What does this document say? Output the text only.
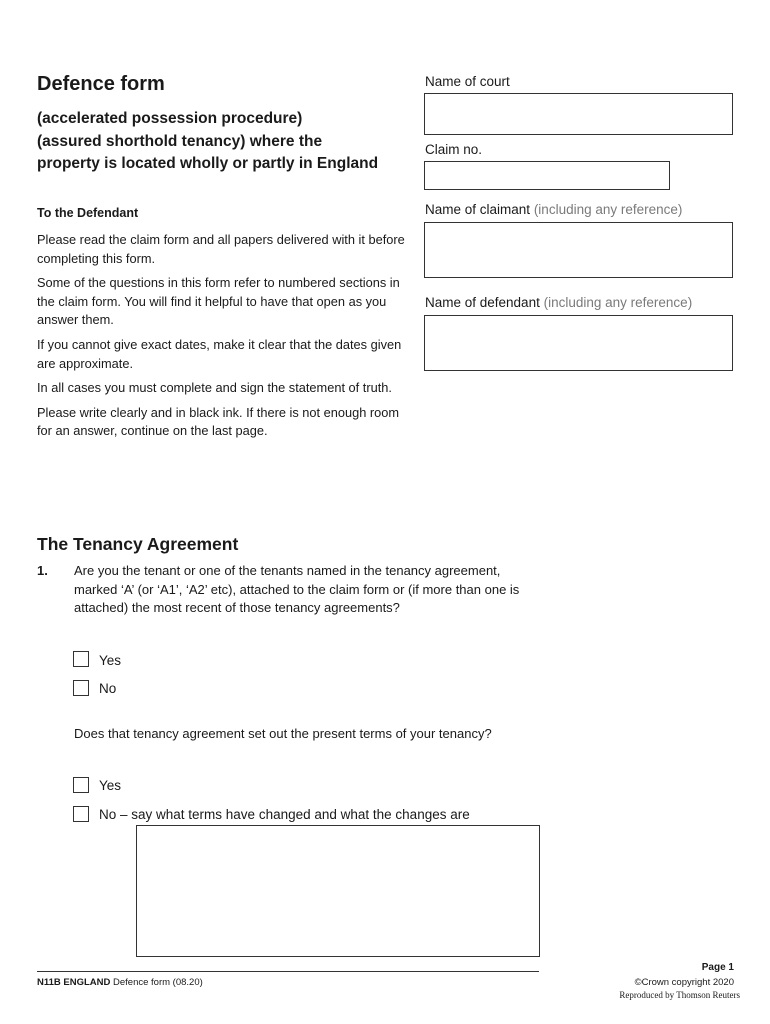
Defence form
(accelerated possession procedure)
(assured shorthold tenancy) where the
property is located wholly or partly in England
To the Defendant

Please read the claim form and all papers delivered with it before completing this form.

Some of the questions in this form refer to numbered sections in the claim form. You will find it helpful to have that open as you answer them.

If you cannot give exact dates, make it clear that the dates given are approximate.

In all cases you must complete and sign the statement of truth.

Please write clearly and in black ink. If there is not enough room for an answer, continue on the last page.

Name of court
Claim no.
Name of claimant (including any reference)
Name of defendant (including any reference)
The Tenancy Agreement
1. Are you the tenant or one of the tenants named in the tenancy agreement, marked ‘A’ (or ‘A1’, ‘A2’ etc), attached to the claim form or (if more than one is attached) the most recent of those tenancy agreements?
Yes
No
Does that tenancy agreement set out the present terms of your tenancy?
Yes
No – say what terms have changed and what the changes are
N11B ENGLAND Defence form (08.20)
Page 1
©Crown copyright 2020
Reproduced by Thomson Reuters
